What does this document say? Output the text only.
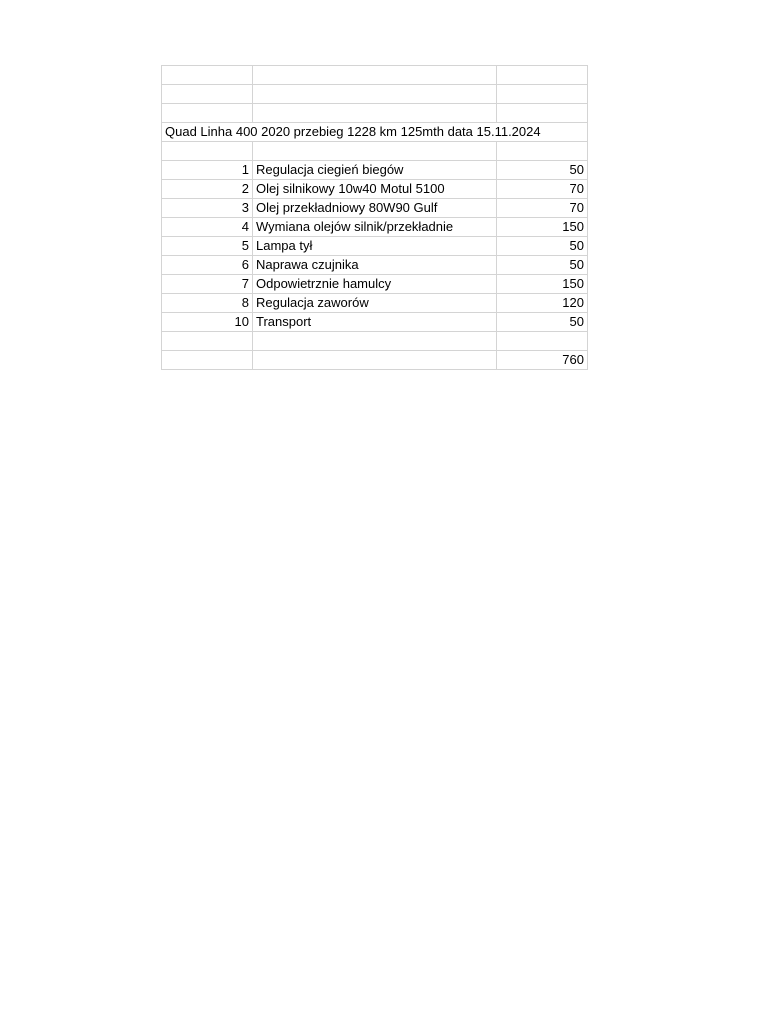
Quad Linha 400 2020 przebieg 1228 km 125mth data 15.11.2024		

1	Regulacja ciegień biegów	50
2	Olej silnikowy 10w40 Motul 5100	70
3	Olej przekładniowy 80W90 Gulf	70
4	Wymiana olejów silnik/przekładnie	150
5	Lampa tył	50
6	Naprawa czujnika	50
7	Odpowietrznie hamulcy	150
8	Regulacja zaworów	120
10	Transport	50

		760
